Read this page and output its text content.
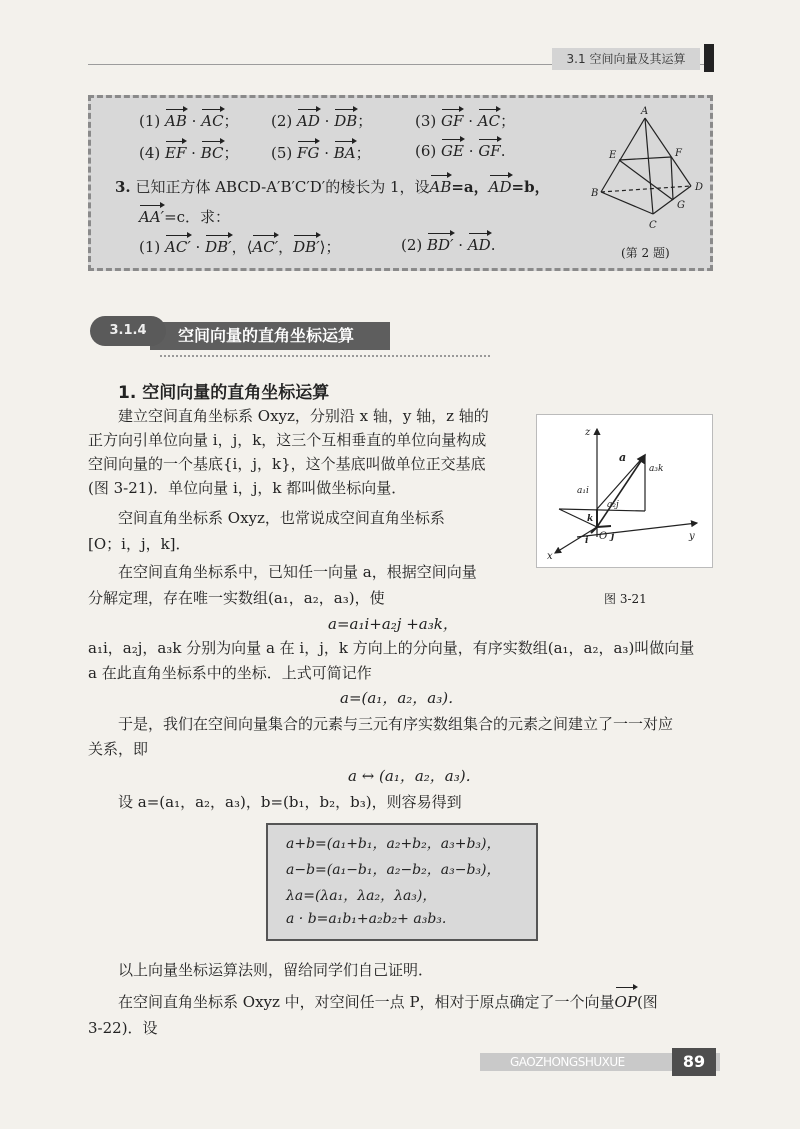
3.1 空间向量及其运算
(1) AB · AC； (2) AD · DB；	(3) GF · AC；
(4) EF · BC； (5) FG · BA；	(6) GE · GF.
3. 已知正方体 ABCD-A′B′C′D′的棱长为 1，设AB=a，AD=b，
AA′=c．求：
(1) AC′ · DB′，⟨AC′，DB′⟩；	(2) BD′ · AD.
A
B
C
D
E	F
G
(第 2 题)
空间向量的直角坐标运算
3.1.4
1. 空间向量的直角坐标运算
建立空间直角坐标系 Oxyz，分别沿 x 轴，y 轴，z 轴的
正方向引单位向量 i，j，k，这三个互相垂直的单位向量构成
空间向量的一个基底{i，j，k}，这个基底叫做单位正交基底
(图 3-21)．单位向量 i，j，k 都叫做坐标向量．
空间直角坐标系 Oxyz，也常说成空间直角坐标系
[O；i，j，k]．
在空间直角坐标系中，已知任一向量 a，根据空间向量
分解定理，存在唯一实数组(a₁，a₂，a₃)，使
a=a₁i+a₂j +a₃k，
a₁i，a₂j，a₃k 分别为向量 a 在 i，j，k 方向上的分向量，有序实数组(a₁，a₂，a₃)叫做向量
a 在此直角坐标系中的坐标．上式可简记作
a=(a₁，a₂，a₃)．
于是，我们在空间向量集合的元素与三元有序实数组集合的元素之间建立了一一对应
关系，即
a ↔ (a₁，a₂，a₃)．
设 a=(a₁，a₂，a₃)，b=(b₁，b₂，b₃)，则容易得到
z
a
a₃k
a₁i
a₂j
k
O j
i	y
x
图 3-21
a+b=(a₁+b₁，a₂+b₂，a₃+b₃)，
a−b=(a₁−b₁，a₂−b₂，a₃−b₃)，
λa=(λa₁，λa₂，λa₃)，
a · b=a₁b₁+a₂b₂+ a₃b₃.
以上向量坐标运算法则，留给同学们自己证明．
在空间直角坐标系 Oxyz 中，对空间任一点 P，相对于原点确定了一个向量OP(图
3-22)．设
GAOZHONGSHUXUE	89
